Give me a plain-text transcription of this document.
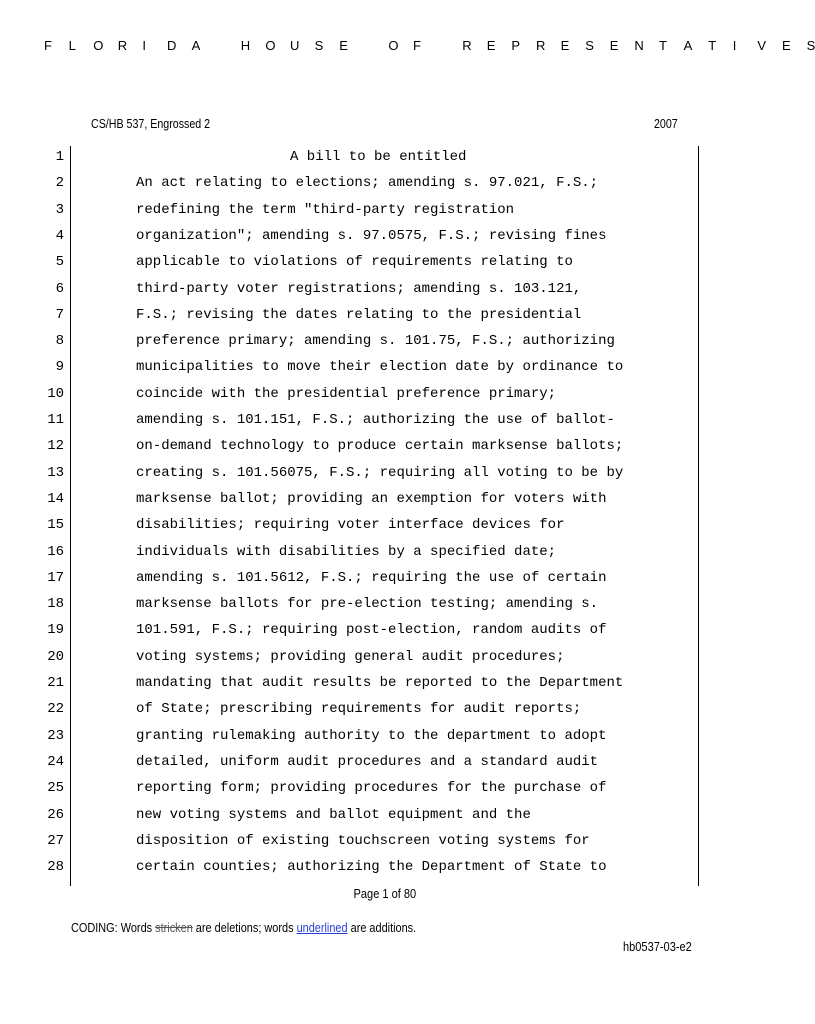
F L O R I D A	H O U S E	O F	R E P R E S E N T A T I V E S
CS/HB 537, Engrossed 2	2007
1	A bill to be entitled
2	An act relating to elections; amending s. 97.021, F.S.;
3	redefining the term "third-party registration
4	organization"; amending s. 97.0575, F.S.; revising fines
5	applicable to violations of requirements relating to
6	third-party voter registrations; amending s. 103.121,
7	F.S.; revising the dates relating to the presidential
8	preference primary; amending s. 101.75, F.S.; authorizing
9	municipalities to move their election date by ordinance to
10	coincide with the presidential preference primary;
11	amending s. 101.151, F.S.; authorizing the use of ballot-
12	on-demand technology to produce certain marksense ballots;
13	creating s. 101.56075, F.S.; requiring all voting to be by
14	marksense ballot; providing an exemption for voters with
15	disabilities; requiring voter interface devices for
16	individuals with disabilities by a specified date;
17	amending s. 101.5612, F.S.; requiring the use of certain
18	marksense ballots for pre-election testing; amending s.
19	101.591, F.S.; requiring post-election, random audits of
20	voting systems; providing general audit procedures;
21	mandating that audit results be reported to the Department
22	of State; prescribing requirements for audit reports;
23	granting rulemaking authority to the department to adopt
24	detailed, uniform audit procedures and a standard audit
25	reporting form; providing procedures for the purchase of
26	new voting systems and ballot equipment and the
27	disposition of existing touchscreen voting systems for
28	certain counties; authorizing the Department of State to
Page 1 of 80
CODING: Words stricken are deletions; words underlined are additions.
hb0537-03-e2
